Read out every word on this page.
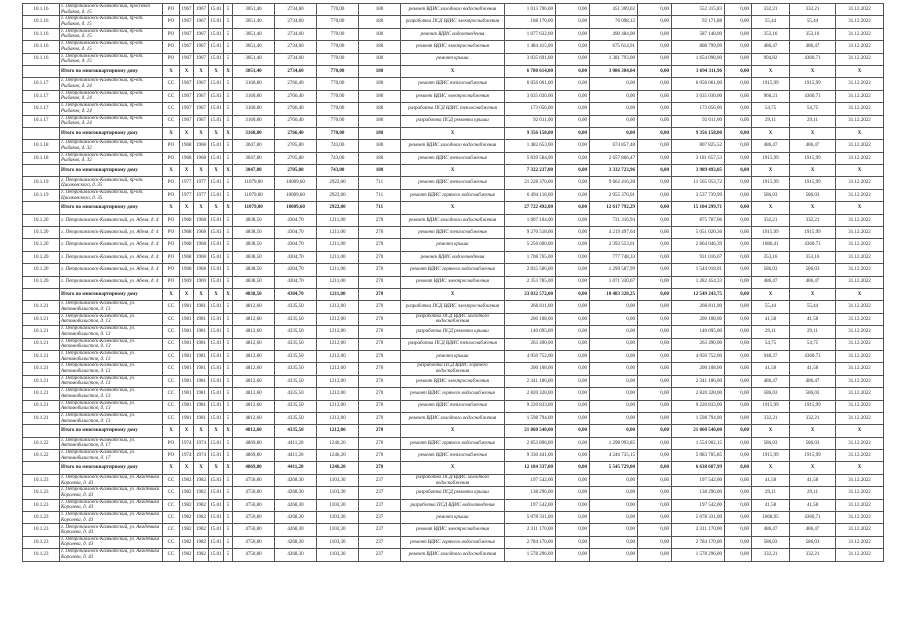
10.1.16	г. Петропавловск-Камчатский, проспект Рыбаков, д. 15	РО	1967	1967	15.01	5	3051,40	2734,60	770,00	180	ремонт ВДИС холодного водоснабжения	1 013 706,00	0,00	451 309,02	0,00	552 315,83	0,00	332,21	332,21	31.12.2022
10.1.16	г. Петропавловск-Камчатский, пр-кт. Рыбаков, д. 15	РО	1967	1967	15.01	5	3051,40	2734,60	770,00	180	разработка ПСД ВДИС электроснабжения	168 170,00	0,00	76 098,12	0,00	92 171,88	0,00	55,44	55,44	31.12.2022
10.1.16	г. Петропавловск-Камчатский, пр-кт. Рыбаков, д. 15	РО	1967	1967	15.01	5	3051,40	2734,60	770,00	180	ремонт ВДИС водоотведения	1 077 632,00	0,00	490 484,00	0,00	587 148,00	0,00	353,16	353,16	31.12.2022
10.1.16	г. Петропавловск-Камчатский, пр-кт. Рыбаков, д. 15	РО	1967	1967	15.01	5	3051,40	2734,60	770,00	180	ремонт ВДИС электроснабжения	1 484 415,00	0,00	675 614,91	0,00	808 799,09	0,00	486,47	486,47	31.12.2022
10.1.16	г. Петропавловск-Камчатский, пр-кт. Рыбаков, д. 15	РО	1967	1967	15.01	5	3051,40	2734,60	770,00	180	ремонт крыши	3 035 691,00	0,00	1 381 793,00	0,00	1 654 098,00	0,00	994,82	4360,71	31.12.2022
	Итого по многоквартирному дому	X	X	X	X	X	3051,40	2734,60	770,00	180	X	6 780 614,00	0,00	3 086 304,04	0,00	3 694 311,96	0,00	X	X	X
10.1.17	г. Петропавловск-Камчатский, пр-кт. Рыбаков, д. 24	СС	1967	1967	15.01	5	3160,80	2766,40	770,00	180	ремонт ВДИС теплоснабжения	6 056 061,00	0,00	0,00	0,00	6 056 061,00	0,00	1915,99	1915,99	31.12.2022
10.1.17	г. Петропавловск-Камчатский, пр-кт. Рыбаков, д. 24	СС	1967	1967	15.01	5	3160,80	2766,40	770,00	180	ремонт ВДИС электроснабжения	3 035 030,00	0,00	0,00	0,00	3 035 030,00	0,00	960,21	4360,71	31.12.2022
10.1.17	г. Петропавловск-Камчатский, пр-кт. Рыбаков, д. 24	СС	1967	1967	15.01	5	3160,80	2766,40	770,00	180	разработка ПСД ВДИС теплоснабжения	173 056,00	0,00	0,00	0,00	173 056,00	0,00	54,75	54,75	31.12.2022
10.1.17	г. Петропавловск-Камчатский, пр-кт. Рыбаков, д. 24	СС	1967	1967	15.01	5	3160,80	2766,40	770,00	180	разработка ПСД ремонта крыши	92 011,00	0,00	0,00	0,00	92 011,00	0,00	29,11	29,11	31.12.2022
	Итого по многоквартирному дому	X	X	X	X	X	3160,80	2766,40	770,00	180	X	9 356 158,00	0,00	0,00	0,00	9 356 158,00	0,00	X	X	X
10.1.18	г. Петропавловск-Камчатский, пр-кт. Рыбаков, д. 32	РО	1968	1968	15.01	5	3047,80	2705,80	743,00	180	ремонт ВДИС холодного водоснабжения	1 482 653,00	0,00	674 857,48	0,00	807 825,52	0,00	486,47	486,47	31.12.2022
10.1.18	г. Петропавловск-Камчатский, пр-кт. Рыбаков, д. 32	РО	1968	1968	15.01	5	3047,80	2705,80	743,00	180	ремонт ВДИС теплоснабжения	5 839 584,00	0,00	2 657 866,47	0,00	3 181 657,53	0,00	1915,99	1915,99	31.12.2022
	Итого по многоквартирному дому	X	X	X	X	X	3047,80	2705,80	743,00	180	X	7 322 237,00	0,00	3 332 723,96	0,00	3 989 493,05	0,00	X	X	X
10.1.19	г. Петропавловск-Камчатский, пр-кт. Циолковского, д. 35	РО	1977	1977	15.01	5	11079,00	10009,60	2922,00	711	ремонт ВДИС теплоснабжения	21 228 370,00	0,00	9 662 416,28	0,00	11 565 953,72	0,00	1915,99	1915,99	31.12.2022
10.1.19	г. Петропавловск-Камчатский, пр-кт. Циолковского, д. 35	РО	1977	1977	15.01	5	11079,00	10009,60	2922,00	711	ремонт ВДИС горячего водоснабжения	6 494 118,00	0,00	2 955 376,01	0,00	3 537 739,99	0,00	586,03	586,03	31.12.2022
	Итого по многоквартирному дому	X	X	X	X	X	11079,00	10009,60	2922,00	711	X	27 722 492,00	0,00	12 617 792,29	0,00	15 104 299,71	0,00	X	X	X
10.1.20	г. Петропавловск-Камчатский, ул. Абеля, д. 4	РО	1968	1968	15.01	5	4838,50	4304,70	1211,00	270	ремонт ВДИС холодного водоснабжения	1 607 104,00	0,00	731 316,94	0,00	875 787,06	0,00	332,21	332,21	31.12.2022
10.1.20	г. Петропавловск-Камчатский, ул. Абеля, д. 4	РО	1968	1968	15.01	5	4838,50	4304,70	1211,00	270	ремонт ВДИС теплоснабжения	9 270 518,00	0,00	4 219 497,64	0,00	5 051 020,36	0,00	1915,99	1915,99	31.12.2022
10.1.20	г. Петропавловск-Камчатский, ул. Абеля, д. 4	РО	1968	1968	15.01	5	4838,50	4304,70	1211,00	270	ремонт крыши	5 256 600,00	0,00	2 392 553,61	0,00	2 864 046,39	0,00	1086,41	4360,71	31.12.2022
10.1.20	г. Петропавловск-Камчатский, ул. Абеля, д. 4	РО	1968	1968	15.01	5	4838,50	4304,70	1211,00	270	ремонт ВДИС водоотведения	1 708 765,00	0,00	777 748,33	0,00	931 016,67	0,00	353,16	353,16	31.12.2022
10.1.20	г. Петропавловск-Камчатский, ул. Абеля, д. 4	РО	1968	1968	15.01	5	4838,50	4304,70	1211,00	270	ремонт ВДИС горячего водоснабжения	2 835 506,00	0,00	1 290 587,99	0,00	1 544 918,01	0,00	586,03	586,03	31.12.2022
10.1.20	г. Петропавловск-Камчатский, ул. Абеля, д. 4	РО	1969	1969	15.01	5	4838,50	4304,70	1211,00	270	ремонт ВДИС электроснабжения	2 353 785,00	0,00	1 071 330,67	0,00	1 282 454,33	0,00	486,47	486,47	31.12.2022
	Итого по многоквартирному дому	X	X	X	X	X	4838,50	4304,70	1211,00	270	X	23 032 572,00	0,00	10 483 328,25	0,00	12 549 243,75	0,00	X	X	X
10.1.21	г. Петропавловск-Камчатский, ул. Автомобилистов, д. 13	СС	1981	1981	15.01	5	4812,60	4335,50	1212,00	270	разработка ПСД ВДИС электроснабжения	266 811,00	0,00	0,00	0,00	266 811,00	0,00	55,44	55,44	31.12.2022
10.1.21	г. Петропавловск-Камчатский, ул. Автомобилистов, д. 13	СС	1981	1981	15.01	5	4812,60	4335,50	1212,00	270	разработка ПСД ВДИС холодного водоснабжения	200 108,00	0,00	0,00	0,00	200 108,00	0,00	41,58	41,58	31.12.2022
10.1.21	г. Петропавловск-Камчатский, ул. Автомобилистов, д. 13	СС	1981	1981	15.01	5	4812,60	4335,50	1212,00	270	разработка ПСД ремонта крыши	140 095,00	0,00	0,00	0,00	140 095,00	0,00	29,11	29,11	31.12.2022
10.1.21	г. Петропавловск-Камчатский, ул. Автомобилистов, д. 13	СС	1981	1981	15.01	5	4812,60	4335,50	1212,00	270	разработка ПСД ВДИС теплоснабжения	263 490,00	0,00	0,00	0,00	263 490,00	0,00	54,75	54,75	31.12.2022
10.1.21	г. Петропавловск-Камчатский, ул. Автомобилистов, д. 13	СС	1981	1981	15.01	5	4812,60	4335,50	1212,00	270	ремонт крыши	4 050 752,00	0,00	0,00	0,00	4 050 752,00	0,00	948,37	4360,71	31.12.2022
10.1.21	г. Петропавловск-Камчатский, ул. Автомобилистов, д. 13	СС	1981	1981	15.01	5	4812,60	4335,50	1212,00	270	разработка ПСД ВДИС горячего водоснабжения	200 108,00	0,00	0,00	0,00	200 108,00	0,00	41,58	41,58	31.12.2022
10.1.21	г. Петропавловск-Камчатский, ул. Автомобилистов, д. 13	СС	1981	1981	15.01	5	4812,60	4335,50	1212,00	270	ремонт ВДИС электроснабжения	2 341 186,00	0,00	0,00	0,00	2 341 186,00	0,00	486,47	486,47	31.12.2022
10.1.21	г. Петропавловск-Камчатский, ул. Автомобилистов, д. 13	СС	1981	1981	15.01	5	4812,60	4335,50	1212,00	270	ремонт ВДИС горячего водоснабжения	2 820 328,00	0,00	0,00	0,00	2 820 328,00	0,00	586,03	586,03	31.12.2022
10.1.21	г. Петропавловск-Камчатский, ул. Автомобилистов, д. 13	СС	1981	1981	15.01	5	4812,60	4335,50	1212,00	270	ремонт ВДИС теплоснабжения	9 220 833,00	0,00	0,00	0,00	9 220 833,00	0,00	1915,99	1915,99	31.12.2022
10.1.21	г. Петропавловск-Камчатский, ул. Автомобилистов, д. 13	СС	1981	1981	15.01	5	4812,60	4335,50	1212,00	270	ремонт ВДИС холодного водоснабжения	1 598 794,00	0,00	0,00	0,00	1 598 794,00	0,00	332,21	332,21	31.12.2022
	Итого по многоквартирному дому	X	X	X	X	X	4812,60	4335,50	1212,00	270	X	21 860 540,00	0,00	0,00	0,00	21 860 540,00	0,00	X	X	X
10.1.22	г. Петропавловск-Камчатский, ул. Автомобилистов, д. 17	РО	1974	1974	15.01	5	4869,80	4411,20	1246,20	270	ремонт ВДИС горячего водоснабжения	2 853 896,00	0,00	1 298 993,85	0,00	1 554 902,15	0,00	586,03	586,03	31.12.2022
10.1.22	г. Петропавловск-Камчатский, ул. Автомобилистов, д. 17	РО	1974	1974	15.01	5	4869,80	4411,20	1246,20	270	ремонт ВДИС теплоснабжения	9 330 441,00	0,00	4 246 735,15	0,00	5 083 705,85	0,00	1915,99	1915,99	31.12.2022
	Итого по многоквартирному дому	X	X	X	X	X	4869,80	4411,20	1246,20	270	X	12 184 337,00	0,00	5 545 729,00	0,00	6 638 607,99	0,00	X	X	X
10.1.23	г. Петропавловск-Камчатский, ул. Академика Королева, д. 43	СС	1982	1982	15.01	5	4750,80	4268,30	1103,30	237	разработка ПСД ВДИС холодного водоснабжения	197 542,00	0,00	0,00	0,00	197 542,00	0,00	41,58	41,58	31.12.2022
10.1.23	г. Петропавловск-Камчатский, ул. Академика Королева, д. 43	СС	1982	1982	15.01	5	4750,80	4268,30	1103,30	237	разработка ПСД ремонта крыши	138 296,00	0,00	0,00	0,00	138 296,00	0,00	29,11	29,11	31.12.2022
10.1.23	г. Петропавловск-Камчатский, ул. Академика Королева, д. 43	СС	1982	1982	15.01	5	4750,80	4268,30	1103,30	237	разработка ПСД ВДИС водоотведения	197 542,00	0,00	0,00	0,00	197 542,00	0,00	41,58	41,58	31.12.2022
10.1.23	г. Петропавловск-Камчатский, ул. Академика Королева, д. 43	СС	1982	1982	15.01	5	4750,80	4268,30	1103,30	237	ремонт крыши	5 078 331,00	0,00	0,00	0,00	5 078 331,00	0,00	1068,95	4360,71	31.12.2022
10.1.23	г. Петропавловск-Камчатский, ул. Академика Королева, д. 43	СС	1982	1982	15.01	5	4750,80	4268,30	1103,30	237	ремонт ВДИС электроснабжения	2 311 170,00	0,00	0,00	0,00	2 311 170,00	0,00	486,47	486,47	31.12.2022
10.1.23	г. Петропавловск-Камчатский, ул. Академика Королева, д. 43	СС	1982	1982	15.01	5	4750,80	4268,30	1103,30	237	ремонт ВДИС горячего водоснабжения	2 784 170,00	0,00	0,00	0,00	2 784 170,00	0,00	586,03	586,03	31.12.2022
10.1.23	г. Петропавловск-Камчатский, ул. Академика Королева, д. 43	СС	1982	1982	15.01	5	4750,80	4268,30	1103,30	237	ремонт ВДИС холодного водоснабжения	1 578 296,00	0,00	0,00	0,00	1 578 296,00	0,00	332,21	332,21	31.12.2022
